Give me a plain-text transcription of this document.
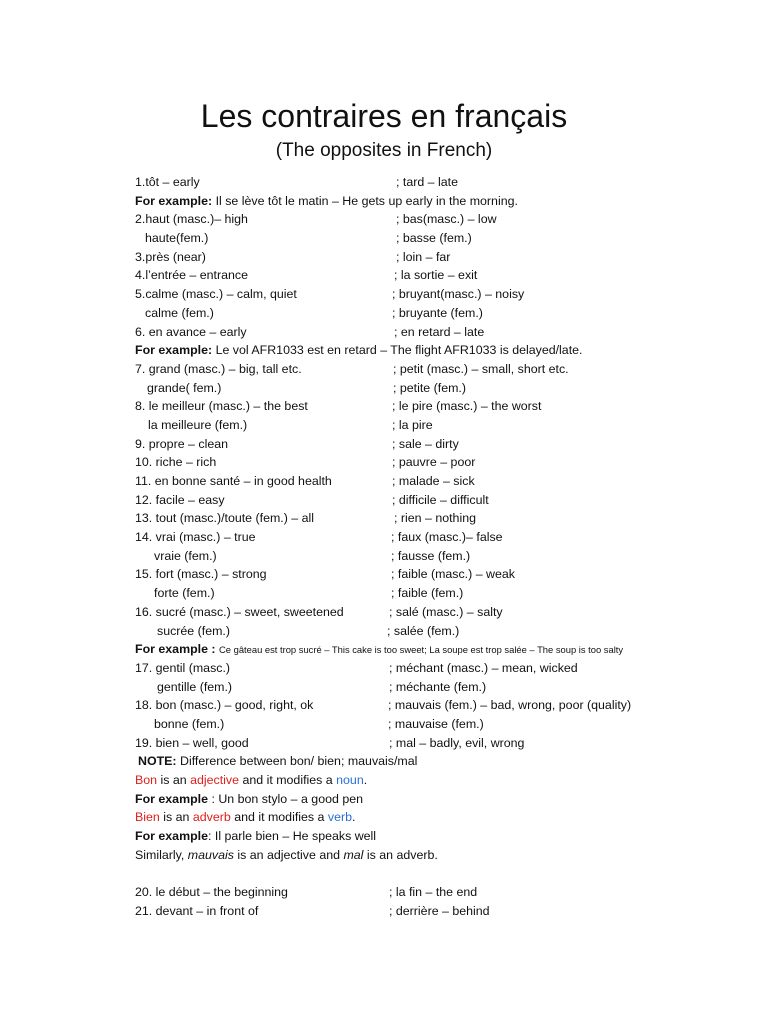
Les contraires en français
(The opposites in French)
1.tôt – early	; tard – late
For example: Il se lève tôt le matin – He gets up early in the morning.
2.haut (masc.)– high	; bas(masc.) – low
haute(fem.)	; basse (fem.)
3.près (near)	; loin – far
4.l’entrée – entrance	; la sortie – exit
5.calme (masc.) – calm, quiet	; bruyant(masc.) – noisy
calme (fem.)	; bruyante (fem.)
6. en avance – early	; en retard – late
For example: Le vol AFR1033 est en retard – The flight AFR1033 is delayed/late.
7. grand (masc.) – big, tall etc.	; petit (masc.) – small, short etc.
grande( fem.)	; petite (fem.)
8. le meilleur (masc.) – the best	; le pire (masc.) – the worst
la meilleure (fem.)	; la pire
9. propre – clean	; sale – dirty
10. riche – rich	; pauvre – poor
11. en bonne santé – in good health	; malade – sick
12. facile – easy	; difficile – difficult
13. tout (masc.)/toute (fem.) – all	; rien – nothing
14. vrai (masc.) – true	; faux (masc.)– false
vraie (fem.)	; fausse (fem.)
15. fort (masc.) – strong	; faible (masc.) – weak
forte (fem.)	; faible (fem.)
16. sucré (masc.) – sweet, sweetened	; salé (masc.) – salty
sucrée (fem.)	; salée (fem.)
For example : Ce gâteau est trop sucré – This cake is too sweet; La soupe est trop salée – The soup is too salty
17. gentil (masc.)	; méchant (masc.) – mean, wicked
gentille (fem.)	; méchante (fem.)
18. bon (masc.) – good, right, ok	; mauvais (fem.) – bad, wrong, poor (quality)
bonne (fem.)	; mauvaise (fem.)
19. bien – well, good	; mal – badly, evil, wrong
NOTE: Difference between bon/ bien; mauvais/mal
Bon is an adjective and it modifies a noun.
For example : Un bon stylo – a good pen
Bien is an adverb and it modifies a verb.
For example: Il parle bien – He speaks well
Similarly, mauvais is an adjective and mal is an adverb.
20. le début – the beginning	; la fin – the end
21. devant – in front of	; derrière – behind
